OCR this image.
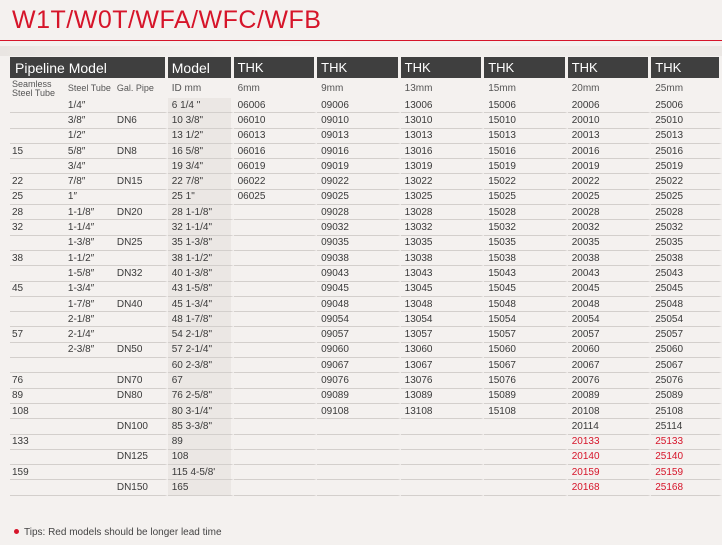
W1T/W0T/WFA/WFC/WFB
Pipeline Model			Model	THK	THK	THK	THK	THK	THK
Seamless Steel Tube	Steel Tube	Gal. Pipe	ID mm	6mm	9mm	13mm	15mm	20mm	25mm
	1/4″		6 1/4 "	06006	09006	13006	15006	20006	25006
	3/8″	DN6	10 3/8"	06010	09010	13010	15010	20010	25010
	1/2″		13 1/2"	06013	09013	13013	15013	20013	25013
15	5/8″	DN8	16 5/8"	06016	09016	13016	15016	20016	25016
	3/4″		19 3/4"	06019	09019	13019	15019	20019	25019
22	7/8″	DN15	22 7/8"	06022	09022	13022	15022	20022	25022
25	1″		25 1"	06025	09025	13025	15025	20025	25025
28	1-1/8″	DN20	28 1-1/8"		09028	13028	15028	20028	25028
32	1-1/4″		32 1-1/4"		09032	13032	15032	20032	25032
	1-3/8″	DN25	35 1-3/8"		09035	13035	15035	20035	25035
38	1-1/2″		38 1-1/2"		09038	13038	15038	20038	25038
	1-5/8″	DN32	40 1-3/8"		09043	13043	15043	20043	25043
45	1-3/4″		43 1-5/8"		09045	13045	15045	20045	25045
	1-7/8″	DN40	45 1-3/4"		09048	13048	15048	20048	25048
	2-1/8″		48 1-7/8"		09054	13054	15054	20054	25054
57	2-1/4″		54 2-1/8"		09057	13057	15057	20057	25057
	2-3/8″	DN50	57 2-1/4"		09060	13060	15060	20060	25060
			60 2-3/8"		09067	13067	15067	20067	25067
76		DN70	67		09076	13076	15076	20076	25076
89		DN80	76 2-5/8"		09089	13089	15089	20089	25089
108			80 3-1/4"		09108	13108	15108	20108	25108
		DN100	85 3-3/8"					20114	25114
133			89					20133	25133
		DN125	108					20140	25140
159			115 4-5/8'					20159	25159
		DN150	165					20168	25168
Tips: Red models should be longer lead time
